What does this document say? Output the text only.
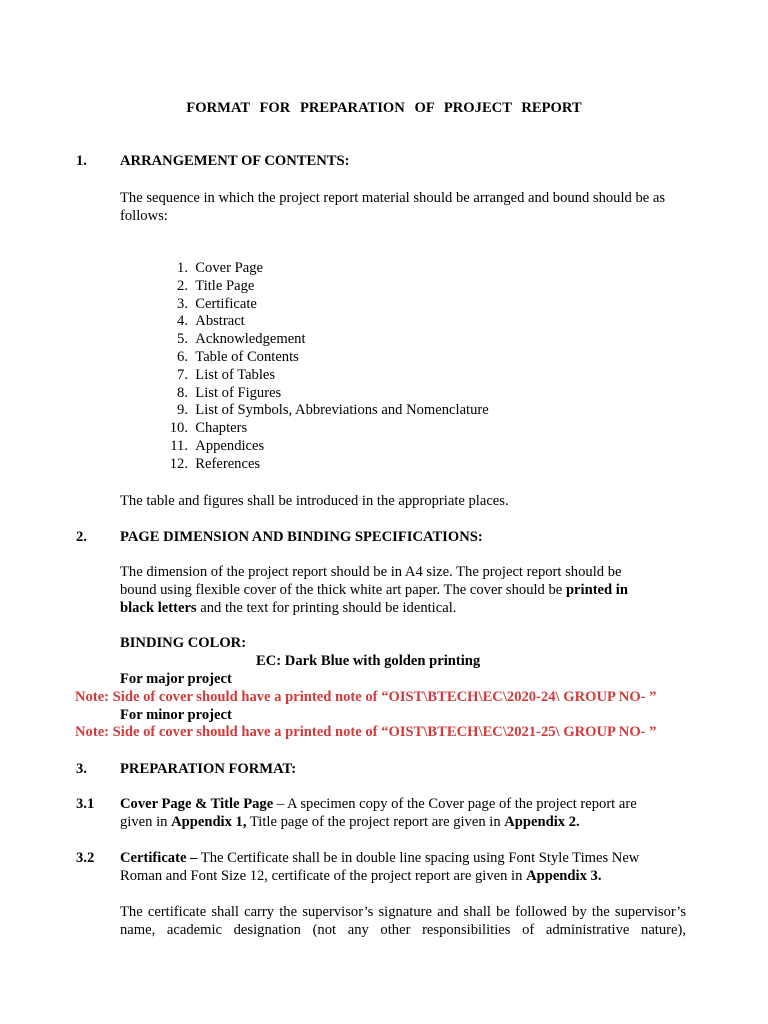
FORMAT FOR PREPARATION OF PROJECT REPORT
1. ARRANGEMENT OF CONTENTS:
The sequence in which the project report material should be arranged and bound should be as
follows:
1. Cover Page
2. Title Page
3. Certificate
4. Abstract
5. Acknowledgement
6. Table of Contents
7. List of Tables
8. List of Figures
9. List of Symbols, Abbreviations and Nomenclature
10. Chapters
11. Appendices
12. References
The table and figures shall be introduced in the appropriate places.
2. PAGE DIMENSION AND BINDING SPECIFICATIONS:
The dimension of the project report should be in A4 size. The project report should be
bound using flexible cover of the thick white art paper. The cover should be printed in
black letters and the text for printing should be identical.
BINDING COLOR:
EC: Dark Blue with golden printing
For major project
Note: Side of cover should have a printed note of “OIST\BTECH\EC\2020-24\ GROUP NO- ”
For minor project
Note: Side of cover should have a printed note of “OIST\BTECH\EC\2021-25\ GROUP NO- ”
3. PREPARATION FORMAT:
3.1 Cover Page & Title Page – A specimen copy of the Cover page of the project report are
given in Appendix 1, Title page of the project report are given in Appendix 2.
3.2 Certificate – The Certificate shall be in double line spacing using Font Style Times New
Roman and Font Size 12, certificate of the project report are given in Appendix 3.
The certificate shall carry the supervisor’s signature and shall be followed by the supervisor’s
name, academic designation (not any other responsibilities of administrative nature),
